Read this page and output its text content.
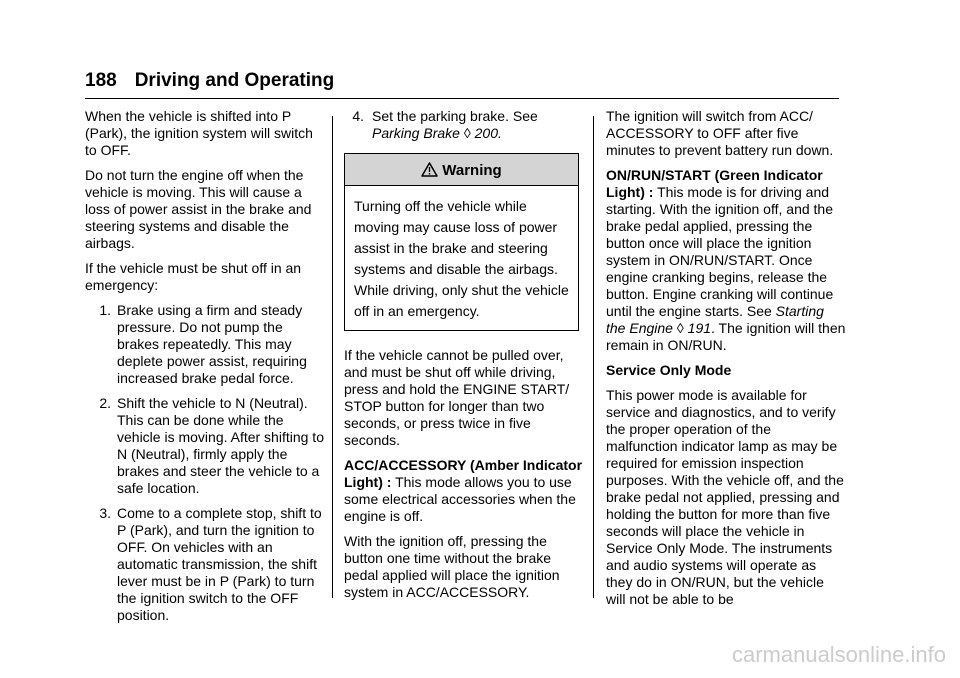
188 Driving and Operating

When the vehicle is shifted into P (Park), the ignition system will switch to OFF.

Do not turn the engine off when the vehicle is moving. This will cause a loss of power assist in the brake and steering systems and disable the airbags.

If the vehicle must be shut off in an emergency:

1. Brake using a firm and steady pressure. Do not pump the brakes repeatedly. This may deplete power assist, requiring increased brake pedal force.
2. Shift the vehicle to N (Neutral). This can be done while the vehicle is moving. After shifting to N (Neutral), firmly apply the brakes and steer the vehicle to a safe location.
3. Come to a complete stop, shift to P (Park), and turn the ignition to OFF. On vehicles with an automatic transmission, the shift lever must be in P (Park) to turn the ignition switch to the OFF position.
4. Set the parking brake. See
Parking Brake ◊ 200.
Warning
Turning off the vehicle while moving may cause loss of power assist in the brake and steering systems and disable the airbags. While driving, only shut the vehicle off in an emergency.

If the vehicle cannot be pulled over, and must be shut off while driving, press and hold the ENGINE START/ STOP button for longer than two seconds, or press twice in five seconds.

ACC/ACCESSORY (Amber Indicator Light) : This mode allows you to use some electrical accessories when the engine is off.

With the ignition off, pressing the button one time without the brake pedal applied will place the ignition system in ACC/ACCESSORY.

The ignition will switch from ACC/ ACCESSORY to OFF after five minutes to prevent battery run down.

ON/RUN/START (Green Indicator Light) : This mode is for driving and starting. With the ignition off, and the brake pedal applied, pressing the button once will place the ignition system in ON/RUN/START. Once engine cranking begins, release the button. Engine cranking will continue until the engine starts. See Starting the Engine ◊ 191. The ignition will then remain in ON/RUN.

Service Only Mode

This power mode is available for service and diagnostics, and to verify the proper operation of the malfunction indicator lamp as may be required for emission inspection purposes. With the vehicle off, and the brake pedal not applied, pressing and holding the button for more than five seconds will place the vehicle in Service Only Mode. The instruments and audio systems will operate as they do in ON/RUN, but the vehicle will not be able to be

carmanualsonline.info
